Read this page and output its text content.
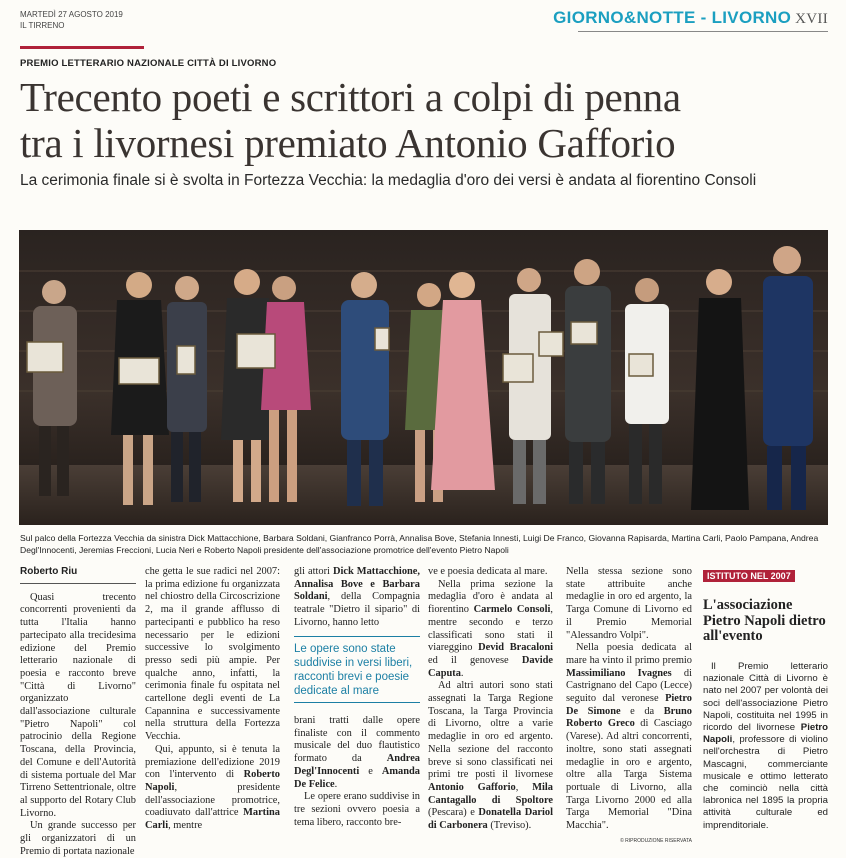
MARTEDÌ 27 AGOSTO 2019
IL TIRRENO	GIORNO&NOTTE - LIVORNO XVII
PREMIO LETTERARIO NAZIONALE CITTÀ DI LIVORNO
Trecento poeti e scrittori a colpi di penna
tra i livornesi premiato Antonio Gafforio
La cerimonia finale si è svolta in Fortezza Vecchia: la medaglia d'oro dei versi è andata al fiorentino Consoli
Sul palco della Fortezza Vecchia da sinistra Dick Mattacchione, Barbara Soldani, Gianfranco Porrà, Annalisa Bove, Stefania Innesti, Luigi De Franco, Giovanna Rapisarda, Martina Carli, Paolo Pampana, Andrea
Degl'Innocenti, Jeremias Freccioni, Lucia Neri e Roberto Napoli presidente dell'associazione promotrice dell'evento Pietro Napoli
Roberto Riu

Quasi trecento concorrenti provenienti da tutta l'Italia hanno partecipato alla trecidesima edizione del Premio letterario nazionale di poesia e racconto breve "Città di Livorno" organizzato dall'associazione culturale "Pietro Napoli" col patrocinio della Regione Toscana, della Provincia, del Comune e dell'Autorità di sistema portuale del Mar Tirreno Settentrionale, oltre al supporto del Rotary Club Livorno.

Un grande successo per gli organizzatori di un Premio di portata nazionale

che getta le sue radici nel 2007: la prima edizione fu organizzata nel chiostro della Circoscrizione 2, ma il grande afflusso di partecipanti e pubblico ha reso necessario per le edizioni successive lo svolgimento presso sedi più ampie. Per qualche anno, infatti, la cerimonia finale fu ospitata nel cartellone degli eventi de La Capannina e successivamente nella struttura della Fortezza Vecchia.

Qui, appunto, si è tenuta la premiazione dell'edizione 2019 con l'intervento di Roberto Napoli, presidente dell'associazione promotrice, coadiuvato dall'attrice Martina Carli, mentre

gli attori Dick Mattacchione, Annalisa Bove e Barbara Soldani, della Compagnia teatrale "Dietro il sipario" di Livorno, hanno letto

Le opere sono state suddivise in versi liberi, racconti brevi e poesie dedicate al mare

brani tratti dalle opere finaliste con il commento musicale del duo flautistico formato da Andrea Degl'Innocenti e Amanda De Felice.

Le opere erano suddivise in tre sezioni ovvero poesia a tema libero, racconto bre-

ve e poesia dedicata al mare.

Nella prima sezione la medaglia d'oro è andata al fiorentino Carmelo Consoli, mentre secondo e terzo classificati sono stati il viareggino Devid Bracaloni ed il genovese Davide Caputa.

Ad altri autori sono stati assegnati la Targa Regione Toscana, la Targa Provincia di Livorno, oltre a varie medaglie in oro ed argento. Nella sezione del racconto breve si sono classificati nei primi tre posti il livornese Antonio Gafforio, Mila Cantagallo di Spoltore (Pescara) e Donatella Dariol di Carbonera (Treviso).

Nella stessa sezione sono state attribuite anche medaglie in oro ed argento, la Targa Comune di Livorno ed il Premio Memorial "Alessandro Volpi".

Nella poesia dedicata al mare ha vinto il primo premio Massimiliano Ivagnes di Castrignano del Capo (Lecce) seguito dal veronese Pietro De Simone e da Bruno Roberto Greco di Casciago (Varese). Ad altri concorrenti, inoltre, sono stati assegnati medaglie in oro e argento, oltre alla Targa Sistema portuale di Livorno, alla Targa Livorno 2000 ed alla Targa Memorial "Dina Macchia".

© RIPRODUZIONE RISERVATA
ISTITUTO NEL 2007
L'associazione Pietro Napoli dietro all'evento

Il Premio letterario nazionale Città di Livorno è nato nel 2007 per volontà dei soci dell'associazione Pietro Napoli, costituita nel 1995 in ricordo del livornese Pietro Napoli, professore di violino nell'orchestra di Pietro Mascagni, commerciante musicale e ottimo letterato che cominciò nella città labronica nel 1895 la propria attività culturale ed imprenditoriale.
